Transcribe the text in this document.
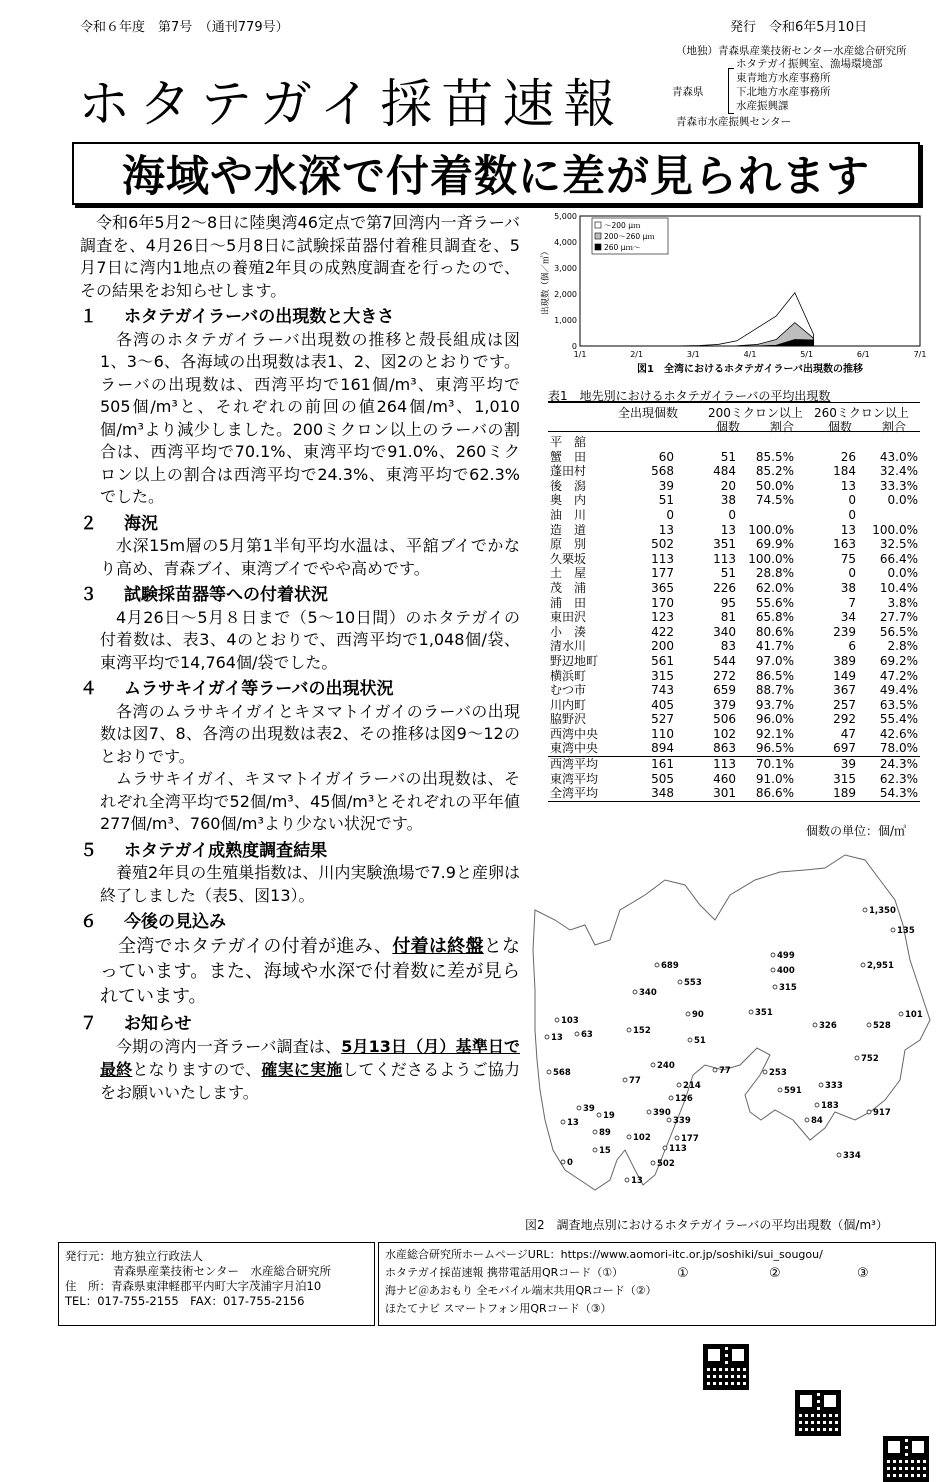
令和６年度　第7号　（通刊779号）	発行　令和6年5月10日
ホタテガイ採苗速報
（地独）青森県産業技術センター水産総合研究所
ホタテガイ振興室、漁場環境部
青森県
東青地方水産事務所
下北地方水産事務所
水産振興課
青森市水産振興センター
海域や水深で付着数に差が見られます

令和6年5月2～8日に陸奥湾46定点で第7回湾内一斉ラーバ調査を、4月26日～5月8日に試験採苗器付着稚貝調査を、5月7日に湾内1地点の養殖2年貝の成熟度調査を行ったので、その結果をお知らせします。

１ ホタテガイラーバの出現数と大きさ

各湾のホタテガイラーバ出現数の推移と殻長組成は図1、3～6、各海域の出現数は表1、2、図2のとおりです。ラーバの出現数は、西湾平均で161個/m³、東湾平均で505個/m³と、それぞれの前回の値264個/m³、1,010個/m³より減少しました。200ミクロン以上のラーバの割合は、西湾平均で70.1%、東湾平均で91.0%、260ミクロン以上の割合は西湾平均で24.3%、東湾平均で62.3%でした。

２ 海況

水深15m層の5月第1半旬平均水温は、平舘ブイでかなり高め、青森ブイ、東湾ブイでやや高めです。

３ 試験採苗器等への付着状況

4月26日～5月８日まで（5～10日間）のホタテガイの付着数は、表3、4のとおりで、西湾平均で1,048個/袋、東湾平均で14,764個/袋でした。

４ ムラサキイガイ等ラーバの出現状況

各湾のムラサキイガイとキヌマトイガイのラーバの出現数は図7、8、各湾の出現数は表2、その推移は図9～12のとおりです。

ムラサキイガイ、キヌマトイガイラーバの出現数は、それぞれ全湾平均で52個/m³、45個/m³とそれぞれの平年値277個/m³、760個/m³より少ない状況です。

５ ホタテガイ成熟度調査結果

養殖2年貝の生殖巣指数は、川内実験漁場で7.9と産卵は終了しました（表5、図13）。

６ 今後の見込み

全湾でホタテガイの付着が進み、付着は終盤となっています。また、海域や水深で付着数に差が見られています。

７ お知らせ

今期の湾内一斉ラーバ調査は、5月13日（月）基準日で最終となりますので、確実に実施してくださるようご協力をお願いいたします。

0
1,000
2,000
3,000
4,000
5,000
1/1	2/1	3/1	4/1	5/1	6/1	7/1
～200 μｍ
200～260 μｍ
260 μｍ～
出現数（個／㎥）
図1　全湾におけるホタテガイラーバ出現数の推移
表1　地先別におけるホタテガイラーバの平均出現数
全出現個数 200ミクロン以上 260ミクロン以上
個数 割合	個数 割合
平　舘					
蟹　田	60	51	85.5%	26	43.0%
蓬田村	568	484	85.2%	184	32.4%
後　潟	39	20	50.0%	13	33.3%
奥　内	51	38	74.5%	0	0.0%
油　川	0	0		0	
造　道	13	13	100.0%	13	100.0%
原　別	502	351	69.9%	163	32.5%
久栗坂	113	113	100.0%	75	66.4%
土　屋	177	51	28.8%	0	0.0%
茂　浦	365	226	62.0%	38	10.4%
浦　田	170	95	55.6%	7	3.8%
東田沢	123	81	65.8%	34	27.7%
小　湊	422	340	80.6%	239	56.5%
清水川	200	83	41.7%	6	2.8%
野辺地町	561	544	97.0%	389	69.2%
横浜町	315	272	86.5%	149	47.2%
むつ市	743	659	88.7%	367	49.4%
川内町	405	379	93.7%	257	63.5%
脇野沢	527	506	96.0%	292	55.4%
西湾中央	110	102	92.1%	47	42.6%
東湾中央	894	863	96.5%	697	78.0%
西湾平均	161	113	70.1%	39	24.3%
東湾平均	505	460	91.0%	315	62.3%
全湾平均	348	301	86.6%	189	54.3%
個数の単位：個/㎥
1,350
135
2,951
499
400
315
689
553
340
103
13 63	152
90
51
351
326	528
101
752
568
240
77
77	253
214	591	333
126
183
39
19	390
339	84
917
13
89	102	177
113
334
0	502
13
15
図2　調査地点別におけるホタテガイラーバの平均出現数（個/m³）
発行元：地方独立行政法人
青森県産業技術センター　水産総合研究所
住　所：青森県東津軽郡平内町大字茂浦字月泊10
TEL：017-755-2155　FAX：017-755-2156
水産総合研究所ホームページURL：https://www.aomori-itc.or.jp/soshiki/sui_sougou/
ホタテガイ採苗速報 携帯電話用QRコード（①）
海ナビ＠あおもり 全モバイル端末共用QRコード（②）
ほたてナビ スマートフォン用QRコード（③）
①	②	③
